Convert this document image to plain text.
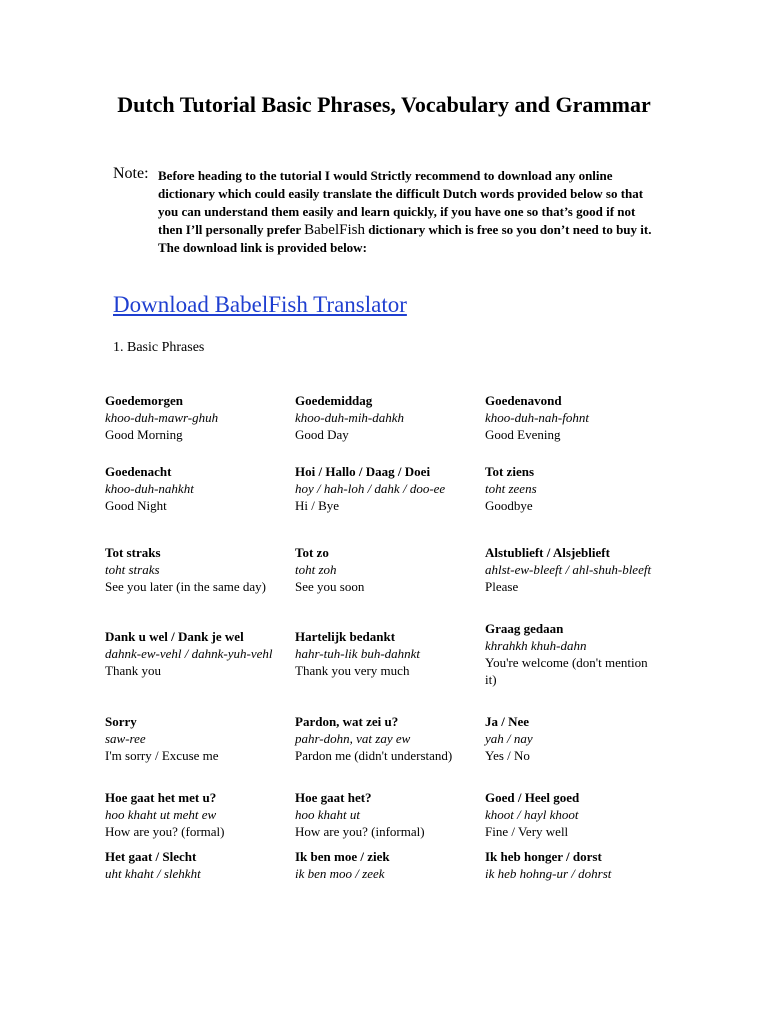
Dutch Tutorial Basic Phrases, Vocabulary and Grammar
Note: Before heading to the tutorial I would Strictly recommend to download any online dictionary which could easily translate the difficult Dutch words provided below so that you can understand them easily and learn quickly, if you have one so that’s good if not then I’ll personally prefer BabelFish dictionary which is free so you don’t need to buy it. The download link is provided below:

Download BabelFish Translator
1. Basic Phrases
Goedemorgen
khoo-duh-mawr-ghuh
Good Morning
Goedemiddag
khoo-duh-mih-dahkh
Good Day
Goedenavond
khoo-duh-nah-fohnt
Good Evening
Goedenacht
khoo-duh-nahkht
Good Night
Hoi / Hallo / Daag / Doei
hoy / hah-loh / dahk / doo-ee
Hi / Bye
Tot ziens
toht zeens
Goodbye
Tot straks
toht straks
See you later (in the same day)
Tot zo
toht zoh
See you soon
Alstublieft / Alsjeblieft
ahlst-ew-bleeft / ahl-shuh-bleeft
Please
Dank u wel / Dank je wel
dahnk-ew-vehl / dahnk-yuh-vehl
Thank you
Hartelijk bedankt
hahr-tuh-lik buh-dahnkt
Thank you very much
Graag gedaan
khrahkh khuh-dahn
You're welcome (don't mention it)
Sorry
saw-ree
I'm sorry / Excuse me
Pardon, wat zei u?
pahr-dohn, vat zay ew
Pardon me (didn't understand)
Ja / Nee
yah / nay
Yes / No
Hoe gaat het met u?
hoo khaht ut meht ew
How are you? (formal)
Hoe gaat het?
hoo khaht ut
How are you? (informal)
Goed / Heel goed
khoot / hayl khoot
Fine / Very well
Het gaat / Slecht
uht khaht / slehkht
Ik ben moe / ziek
ik ben moo / zeek
Ik heb honger / dorst
ik heb hohng-ur / dohrst
